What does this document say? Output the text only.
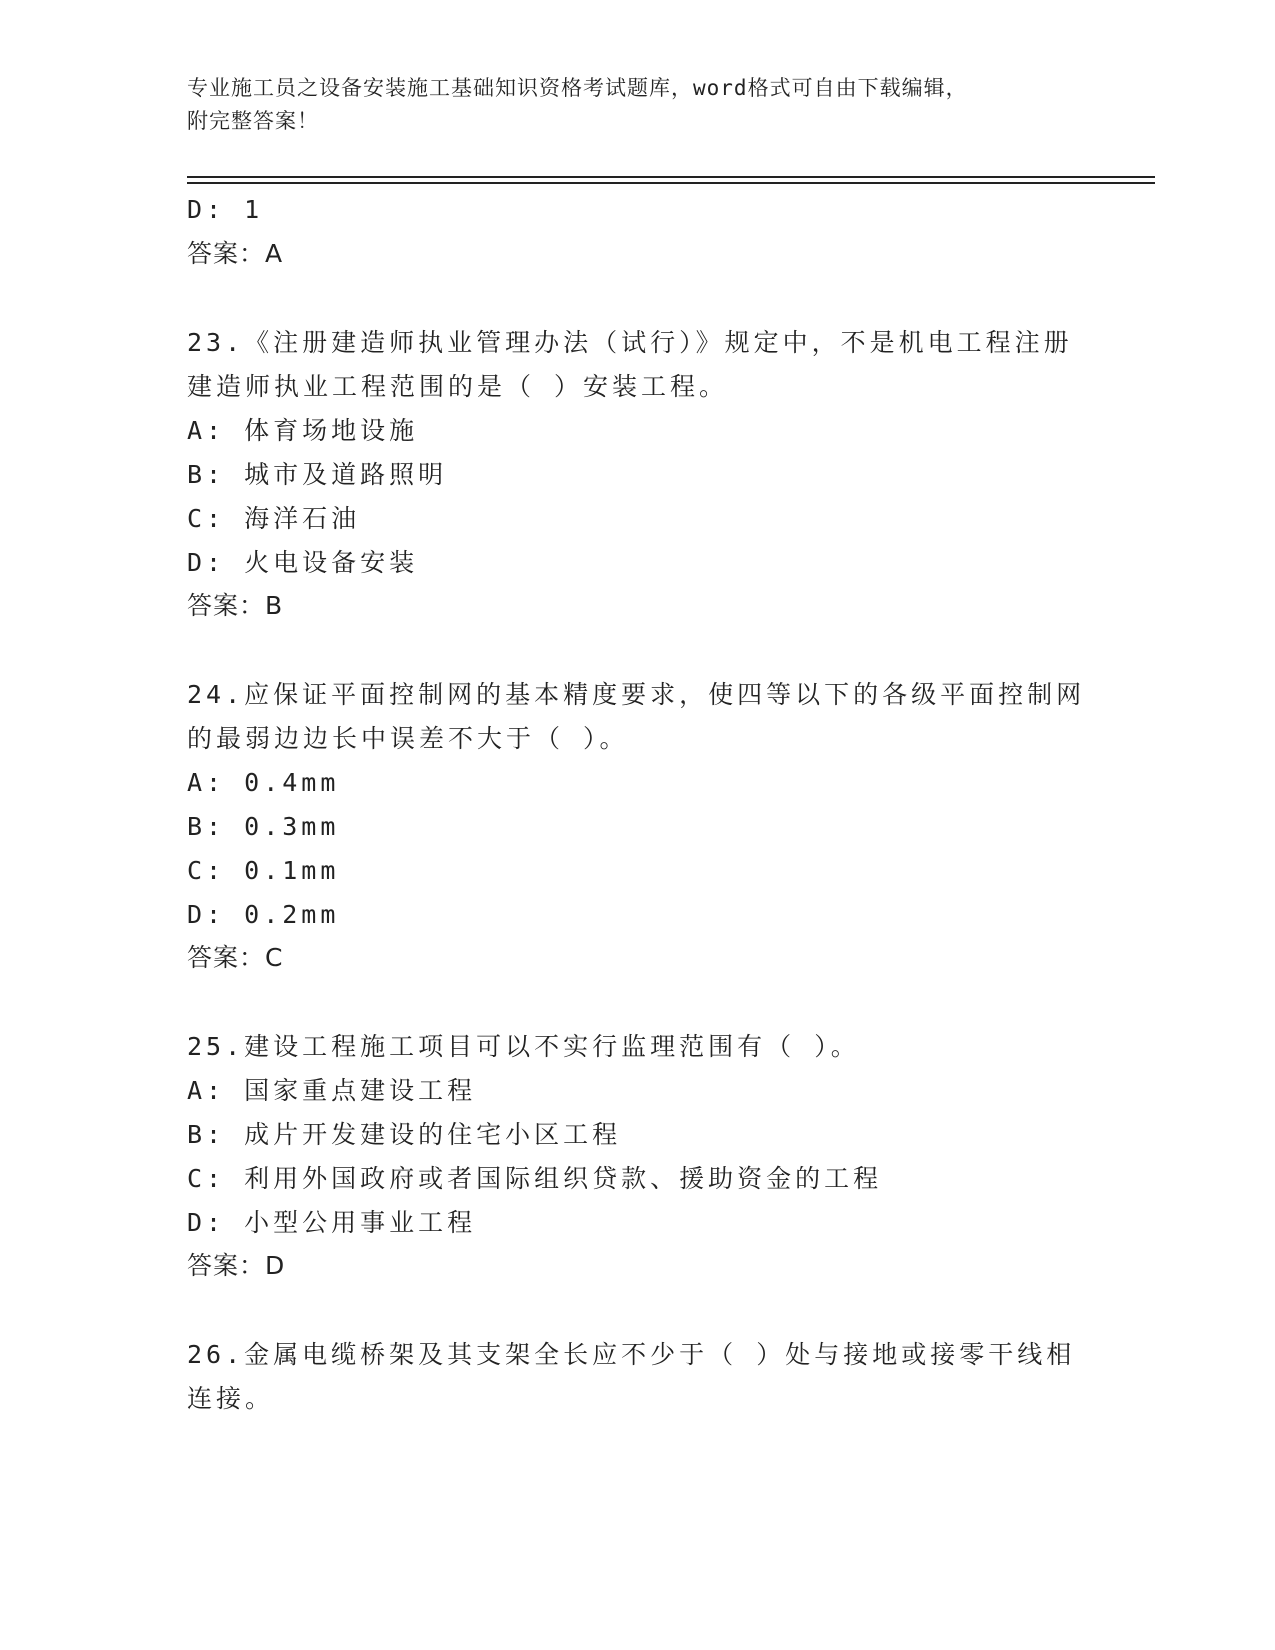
专业施工员之设备安装施工基础知识资格考试题库，word格式可自由下载编辑，
附完整答案！
D: 1
答案：A
23.《注册建造师执业管理办法（试行）》规定中，不是机电工程注册
建造师执业工程范围的是（ ）安装工程。
A: 体育场地设施
B: 城市及道路照明
C: 海洋石油
D: 火电设备安装
答案：B
24.应保证平面控制网的基本精度要求，使四等以下的各级平面控制网
的最弱边边长中误差不大于（ ）。
A: 0.4mm
B: 0.3mm
C: 0.1mm
D: 0.2mm
答案：C
25.建设工程施工项目可以不实行监理范围有（ ）。
A: 国家重点建设工程
B: 成片开发建设的住宅小区工程
C: 利用外国政府或者国际组织贷款、援助资金的工程
D: 小型公用事业工程
答案：D
26.金属电缆桥架及其支架全长应不少于（ ）处与接地或接零干线相
连接。
